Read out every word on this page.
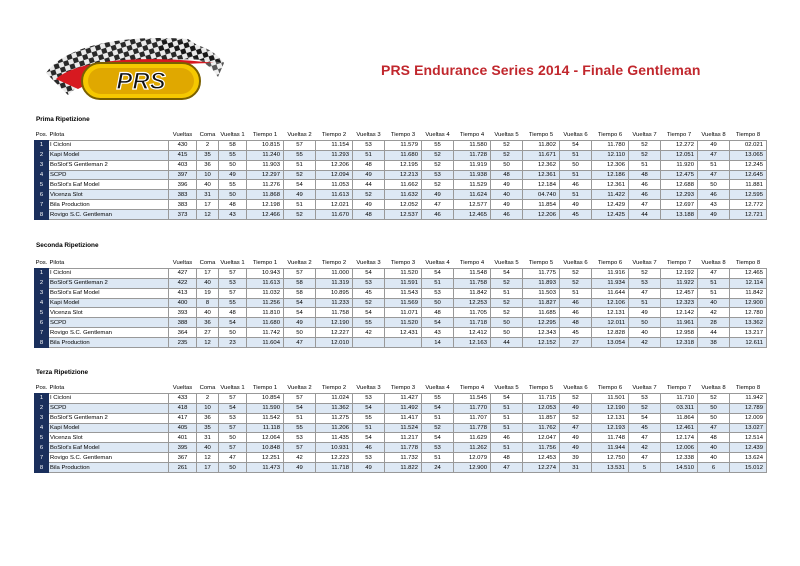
PRS	PRS Endurance Series 2014 - Finale Gentleman
Prima Ripetizione
Pos.	Pilota	Vueltas	Coma	Vueltas 1	Tiempo 1	Vueltas 2	Tiempo 2	Vueltas 3	Tiempo 3	Vueltas 4	Tiempo 4	Vueltas 5	Tiempo 5	Vueltas 6	Tiempo 6	Vueltas 7	Tiempo 7	Vueltas 8	Tiempo 8
1	I Cicloni	430	2	58	10.815	57	11.154	53	11.579	55	11.580	52	11.802	54	11.780	52	12.272	49	02.021
2	Kapi Model	415	35	55	11.240	55	11.293	51	11.680	52	11.728	52	11.671	51	12.110	52	12.051	47	13.065
3	BoSlot'S Gentleman 2	403	36	50	11.903	51	12.206	48	12.195	52	11.919	50	12.362	50	12.306	51	11.920	51	12.245
4	SCPD	397	10	49	12.297	52	12.094	49	12.213	53	11.938	48	12.361	51	12.186	48	12.475	47	12.645
5	BoSlot's Eaf Model	396	40	55	11.276	54	11.053	44	11.662	52	11.529	49	12.184	46	12.361	46	12.688	50	11.881
6	Vicenza Slot	383	31	50	11.868	49	11.613	52	11.632	49	11.624	40	04.740	51	11.422	46	12.293	46	12.595
7	Bila Production	383	17	48	12.198	51	12.021	49	12.052	47	12.577	49	11.854	49	12.429	47	12.697	43	12.772
8	Rovigo S.C. Gentleman	373	12	43	12.466	52	11.670	48	12.537	46	12.465	46	12.206	45	12.425	44	13.188	49	12.721
Seconda Ripetizione
Pos.	Pilota	Vueltas	Coma	Vueltas 1	Tiempo 1	Vueltas 2	Tiempo 2	Vueltas 3	Tiempo 3	Vueltas 4	Tiempo 4	Vueltas 5	Tiempo 5	Vueltas 6	Tiempo 6	Vueltas 7	Tiempo 7	Vueltas 8	Tiempo 8
1	I Cicloni	427	17	57	10.943	57	11.000	54	11.520	54	11.548	54	11.775	52	11.916	52	12.192	47	12.465
2	BoSlot'S Gentleman 2	422	40	53	11.613	58	11.319	53	11.591	51	11.758	52	11.893	52	11.934	53	11.922	51	12.114
3	BoSlot's Eaf Model	413	19	57	11.032	58	10.895	45	11.543	53	11.842	51	11.503	51	11.644	47	12.457	51	11.842
4	Kapi Model	400	8	55	11.256	54	11.233	52	11.569	50	12.253	52	11.827	46	12.106	51	12.323	40	12.900
5	Vicenza Slot	393	40	48	11.810	54	11.758	54	11.071	48	11.705	52	11.685	46	12.131	49	12.142	42	12.780
6	SCPD	388	36	54	11.680	49	12.190	55	11.520	54	11.718	50	12.295	48	12.011	50	11.961	28	13.362
7	Rovigo S.C. Gentleman	364	27	50	11.742	50	12.227	42	12.431	43	12.412	50	12.343	45	12.828	40	12.958	44	13.217
8	Bila Production	235	12	23	11.604	47	12.010			14	12.163	44	12.152	27	13.054	42	12.318	38	12.611
Terza Ripetizione
Pos.	Pilota	Vueltas	Coma	Vueltas 1	Tiempo 1	Vueltas 2	Tiempo 2	Vueltas 3	Tiempo 3	Vueltas 4	Tiempo 4	Vueltas 5	Tiempo 5	Vueltas 6	Tiempo 6	Vueltas 7	Tiempo 7	Vueltas 8	Tiempo 8
1	I Cicloni	433	2	57	10.854	57	11.024	53	11.427	55	11.545	54	11.715	52	11.501	53	11.710	52	11.942
2	SCPD	418	10	54	11.590	54	11.362	54	11.492	54	11.770	51	12.053	49	12.190	52	03.311	50	12.789
3	BoSlot'S Gentleman 2	417	36	53	11.542	51	11.275	55	11.417	51	11.707	51	11.857	52	12.131	54	11.864	50	12.009
4	Kapi Model	405	35	57	11.118	55	11.206	51	11.524	52	11.778	51	11.762	47	12.193	45	12.461	47	13.027
5	Vicenza Slot	401	31	50	12.064	53	11.435	54	11.217	54	11.629	46	12.047	49	11.748	47	12.174	48	12.514
6	BoSlot's Eaf Model	395	40	57	10.848	57	10.931	46	11.778	53	11.262	51	11.756	49	11.944	42	12.006	40	12.439
7	Rovigo S.C. Gentleman	367	12	47	12.251	42	12.223	53	11.732	51	12.079	48	12.453	39	12.750	47	12.338	40	13.624
8	Bila Production	261	17	50	11.473	49	11.718	49	11.822	24	12.900	47	12.274	31	13.531	5	14.510	6	15.012
